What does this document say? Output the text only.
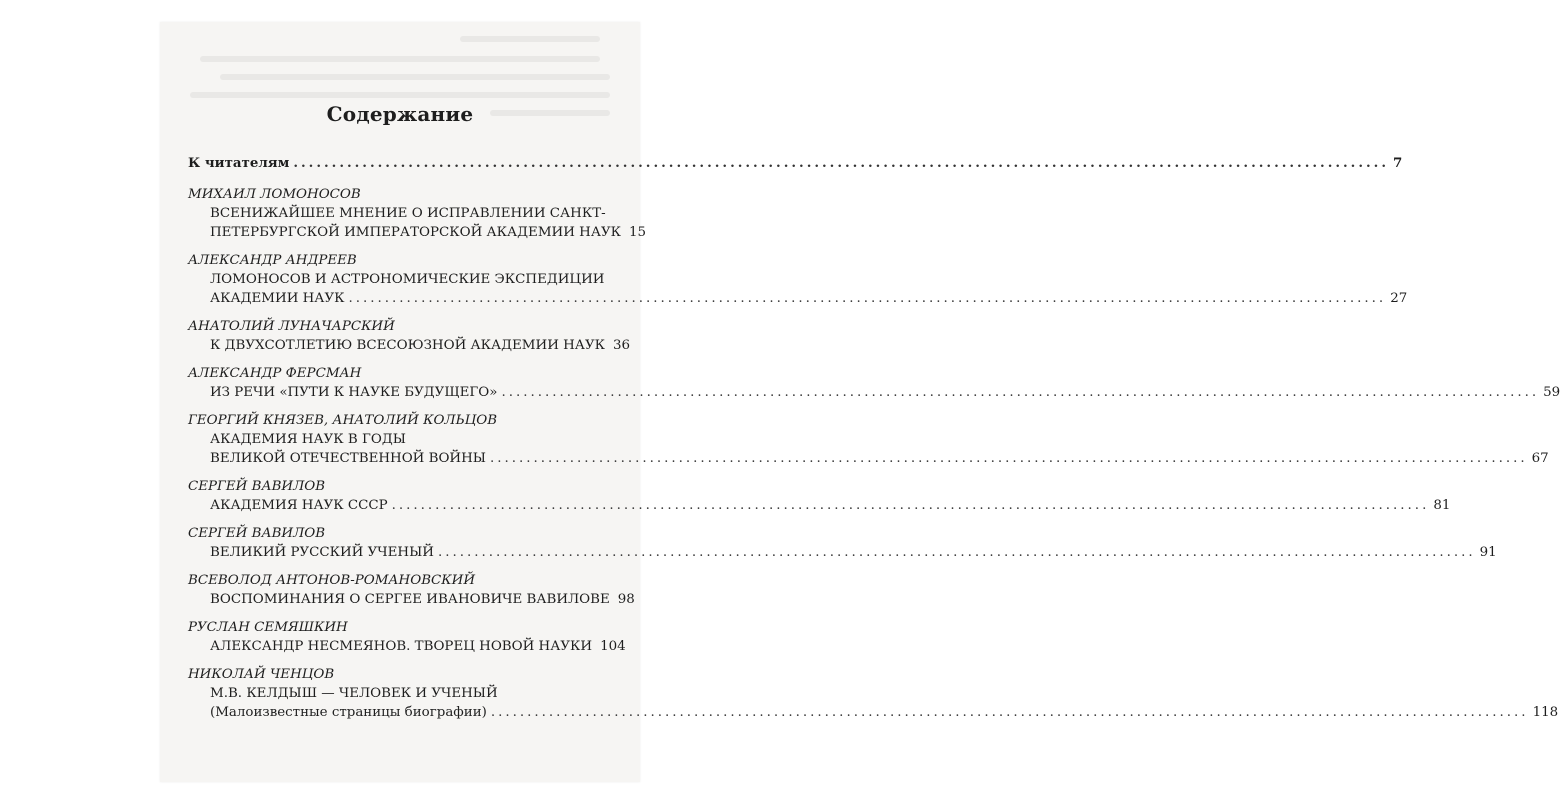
Содержание
К читателям .....	7
МИХАИЛ ЛОМОНОСОВ
ВСЕНИЖАЙШЕЕ МНЕНИЕ О ИСПРАВЛЕНИИ САНКТ-
ПЕТЕРБУРГСКОЙ ИМПЕРАТОРСКОЙ АКАДЕМИИ НАУК 15
АЛЕКСАНДР АНДРЕЕВ
ЛОМОНОСОВ И АСТРОНОМИЧЕСКИЕ ЭКСПЕДИЦИИ
АКАДЕМИИ НАУК .....	27
АНАТОЛИЙ ЛУНАЧАРСКИЙ
К ДВУХСОТЛЕТИЮ ВСЕСОЮЗНОЙ АКАДЕМИИ НАУК 36
АЛЕКСАНДР ФЕРСМАН
ИЗ РЕЧИ «ПУТИ К НАУКЕ БУДУЩЕГО» .....	59
ГЕОРГИЙ КНЯЗЕВ, АНАТОЛИЙ КОЛЬЦОВ
АКАДЕМИЯ НАУК В ГОДЫ
ВЕЛИКОЙ ОТЕЧЕСТВЕННОЙ ВОЙНЫ .....	67
СЕРГЕЙ ВАВИЛОВ
АКАДЕМИЯ НАУК СССР .....	81
СЕРГЕЙ ВАВИЛОВ
ВЕЛИКИЙ РУССКИЙ УЧЕНЫЙ .....	91
ВСЕВОЛОД АНТОНОВ-РОМАНОВСКИЙ
ВОСПОМИНАНИЯ О СЕРГЕЕ ИВАНОВИЧЕ ВАВИЛОВЕ 98
РУСЛАН СЕМЯШКИН
АЛЕКСАНДР НЕСМЕЯНОВ. ТВОРЕЦ НОВОЙ НАУКИ 104
НИКОЛАЙ ЧЕНЦОВ
М.В. КЕЛДЫШ — ЧЕЛОВЕК И УЧЕНЫЙ
(Малоизвестные страницы биографии) .....	118
